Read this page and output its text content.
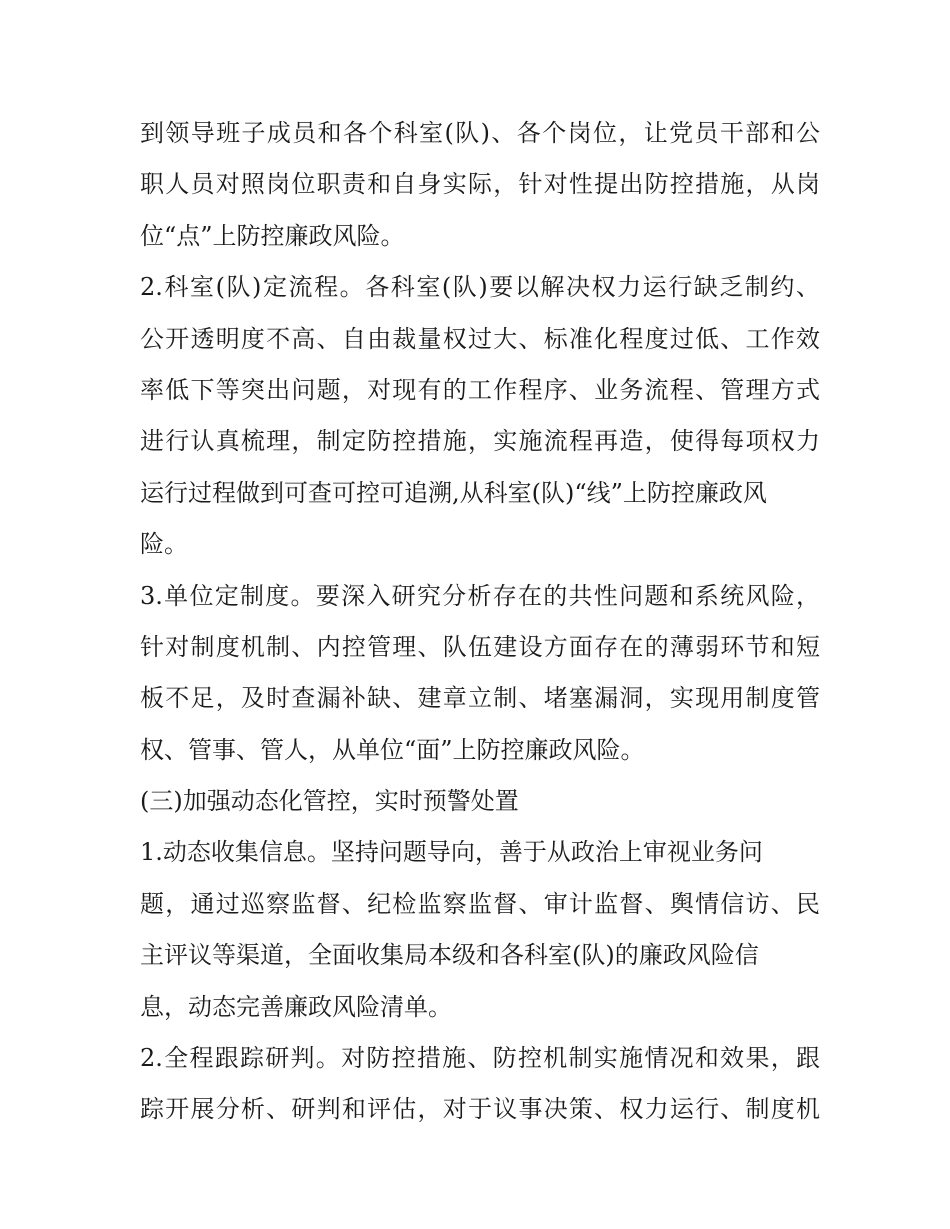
到领导班子成员和各个科室(队)、各个岗位，让党员干部和公
职人员对照岗位职责和自身实际，针对性提出防控措施，从岗
位“点”上防控廉政风险。
2.科室(队)定流程。各科室(队)要以解决权力运行缺乏制约、
公开透明度不高、自由裁量权过大、标准化程度过低、工作效
率低下等突出问题，对现有的工作程序、业务流程、管理方式
进行认真梳理，制定防控措施，实施流程再造，使得每项权力
运行过程做到可查可控可追溯,从科室(队)“线”上防控廉政风
险。
3.单位定制度。要深入研究分析存在的共性问题和系统风险，
针对制度机制、内控管理、队伍建设方面存在的薄弱环节和短
板不足，及时查漏补缺、建章立制、堵塞漏洞，实现用制度管
权、管事、管人，从单位“面”上防控廉政风险。
(三)加强动态化管控，实时预警处置
1.动态收集信息。坚持问题导向，善于从政治上审视业务问
题，通过巡察监督、纪检监察监督、审计监督、舆情信访、民
主评议等渠道，全面收集局本级和各科室(队)的廉政风险信
息，动态完善廉政风险清单。
2.全程跟踪研判。对防控措施、防控机制实施情况和效果，跟
踪开展分析、研判和评估，对于议事决策、权力运行、制度机
